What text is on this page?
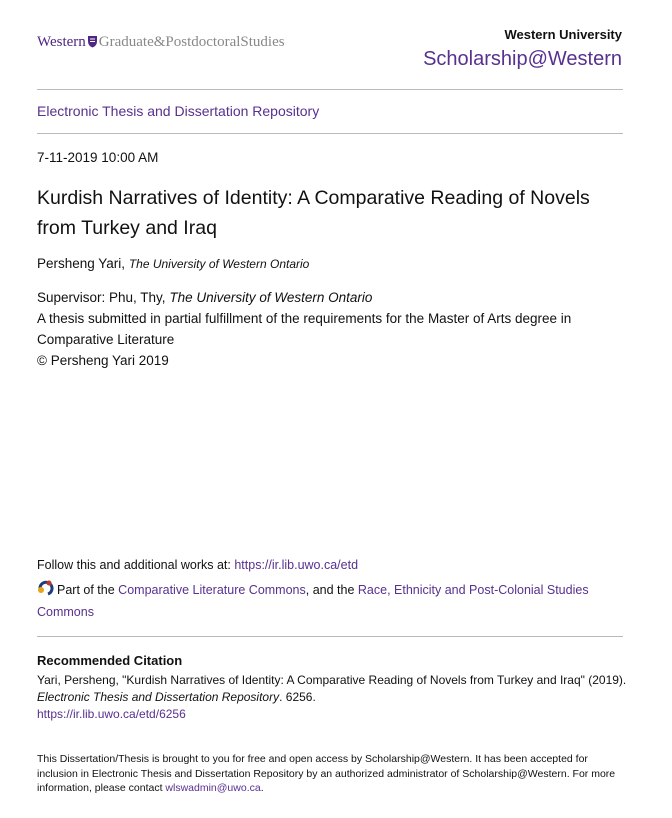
Western Graduate&PostdoctoralStudies	Western University
Scholarship@Western
Electronic Thesis and Dissertation Repository
7-11-2019 10:00 AM
Kurdish Narratives of Identity: A Comparative Reading of Novels from Turkey and Iraq
Persheng Yari, The University of Western Ontario
Supervisor: Phu, Thy, The University of Western Ontario
A thesis submitted in partial fulfillment of the requirements for the Master of Arts degree in Comparative Literature
© Persheng Yari 2019
Follow this and additional works at: https://ir.lib.uwo.ca/etd
Part of the Comparative Literature Commons, and the Race, Ethnicity and Post-Colonial Studies Commons
Recommended Citation
Yari, Persheng, "Kurdish Narratives of Identity: A Comparative Reading of Novels from Turkey and Iraq" (2019). Electronic Thesis and Dissertation Repository. 6256.
https://ir.lib.uwo.ca/etd/6256
This Dissertation/Thesis is brought to you for free and open access by Scholarship@Western. It has been accepted for inclusion in Electronic Thesis and Dissertation Repository by an authorized administrator of Scholarship@Western. For more information, please contact wlswadmin@uwo.ca.
